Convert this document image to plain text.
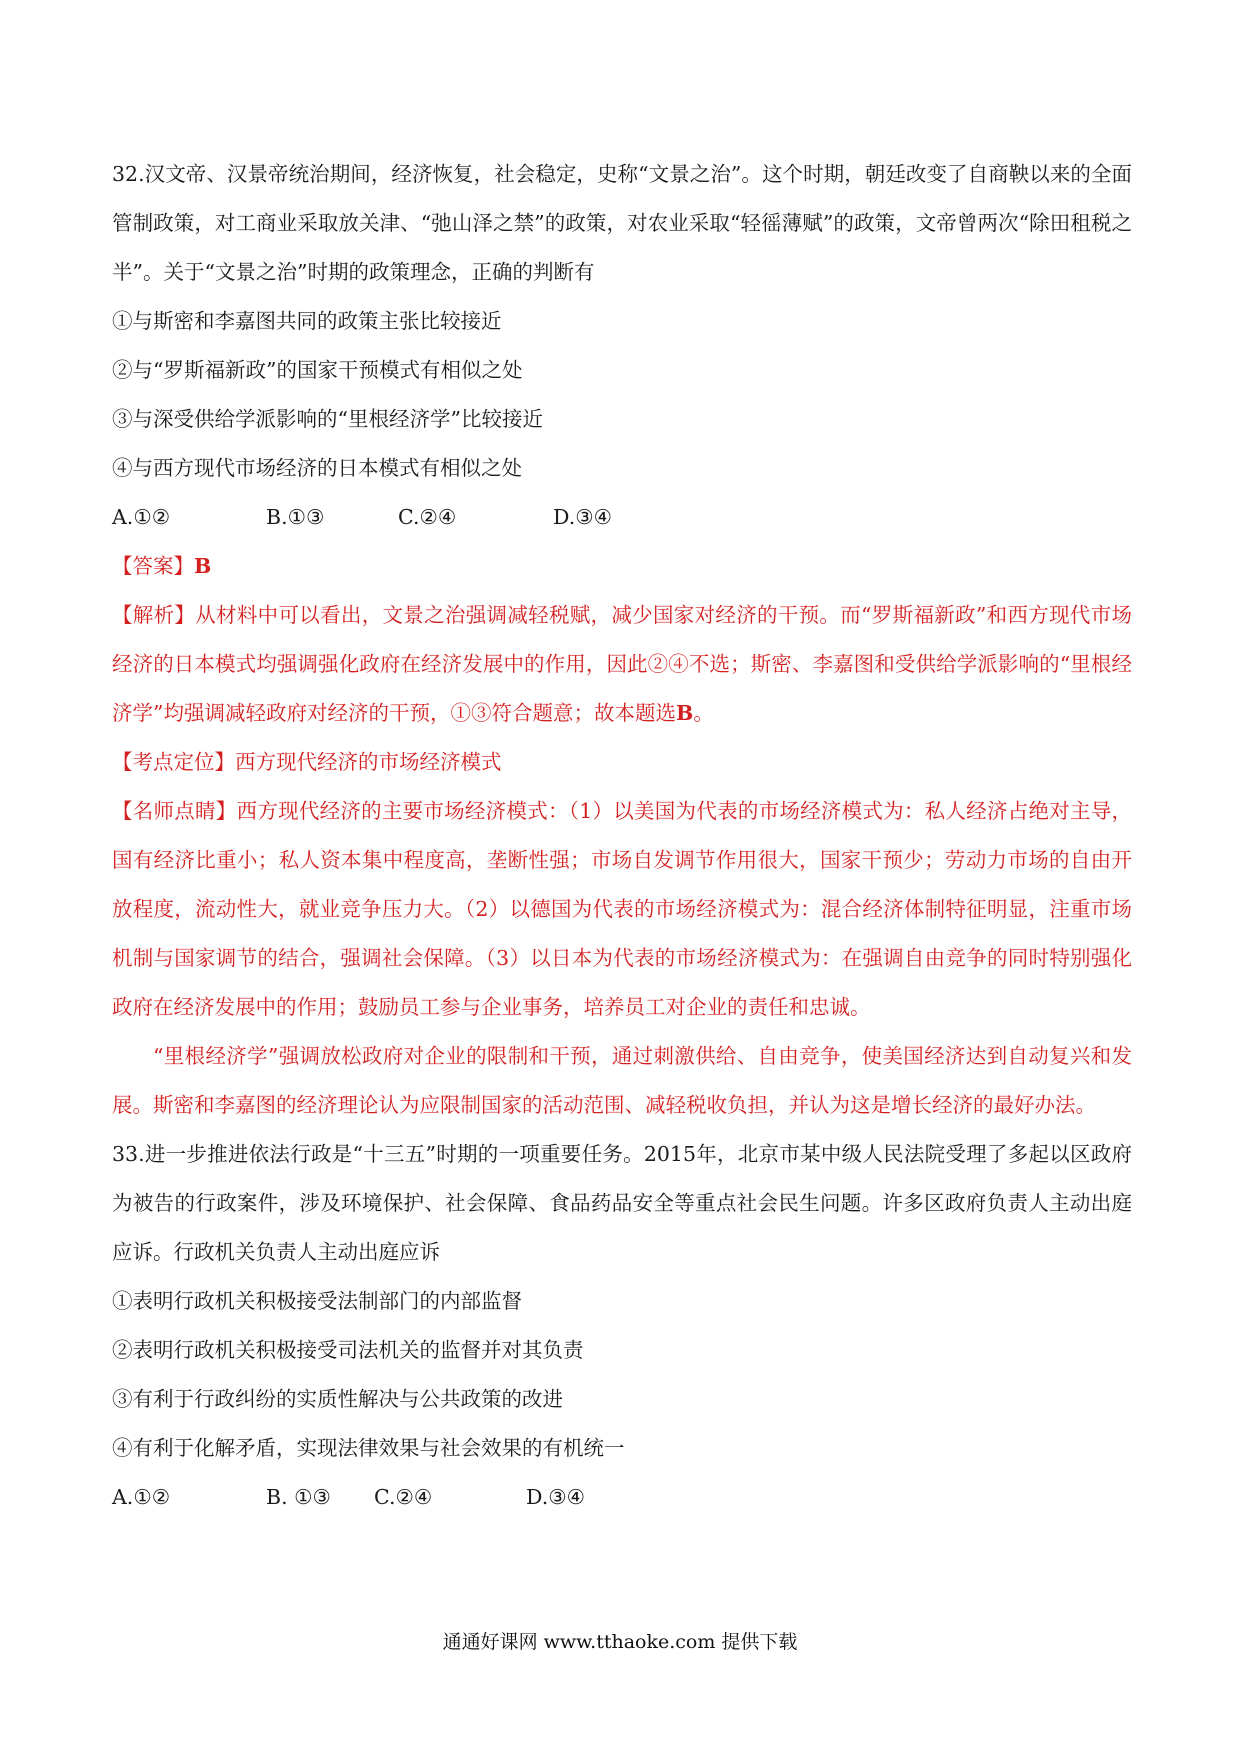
32.汉文帝、汉景帝统治期间，经济恢复，社会稳定，史称“文景之治”。这个时期，朝廷改变了自商鞅以来的全面管制政策，对工商业采取放关津、“弛山泽之禁”的政策，对农业采取“轻徭薄赋”的政策，文帝曾两次“除田租税之半”。关于“文景之治”时期的政策理念，正确的判断有

①与斯密和李嘉图共同的政策主张比较接近

②与“罗斯福新政”的国家干预模式有相似之处

③与深受供给学派影响的“里根经济学”比较接近

④与西方现代市场经济的日本模式有相似之处

A.①②	B.①③	C.②④	D.③④

【答案】B

【解析】从材料中可以看出，文景之治强调减轻税赋，减少国家对经济的干预。而“罗斯福新政”和西方现代市场经济的日本模式均强调强化政府在经济发展中的作用，因此②④不选；斯密、李嘉图和受供给学派影响的“里根经济学”均强调减轻政府对经济的干预，①③符合题意；故本题选B。

【考点定位】西方现代经济的市场经济模式

【名师点睛】西方现代经济的主要市场经济模式：（1）以美国为代表的市场经济模式为：私人经济占绝对主导，国有经济比重小；私人资本集中程度高，垄断性强；市场自发调节作用很大，国家干预少；劳动力市场的自由开放程度，流动性大，就业竞争压力大。（2）以德国为代表的市场经济模式为：混合经济体制特征明显，注重市场机制与国家调节的结合，强调社会保障。（3）以日本为代表的市场经济模式为：在强调自由竞争的同时特别强化政府在经济发展中的作用；鼓励员工参与企业事务，培养员工对企业的责任和忠诚。

“里根经济学”强调放松政府对企业的限制和干预，通过刺激供给、自由竞争，使美国经济达到自动复兴和发展。斯密和李嘉图的经济理论认为应限制国家的活动范围、减轻税收负担，并认为这是增长经济的最好办法。

33.进一步推进依法行政是“十三五”时期的一项重要任务。2015年，北京市某中级人民法院受理了多起以区政府为被告的行政案件，涉及环境保护、社会保障、食品药品安全等重点社会民生问题。许多区政府负责人主动出庭应诉。行政机关负责人主动出庭应诉

①表明行政机关积极接受法制部门的内部监督

②表明行政机关积极接受司法机关的监督并对其负责

③有利于行政纠纷的实质性解决与公共政策的改进

④有利于化解矛盾，实现法律效果与社会效果的有机统一

A.①②	B. ①③	C.②④	D.③④
通通好课网 www.tthaoke.com 提供下载
